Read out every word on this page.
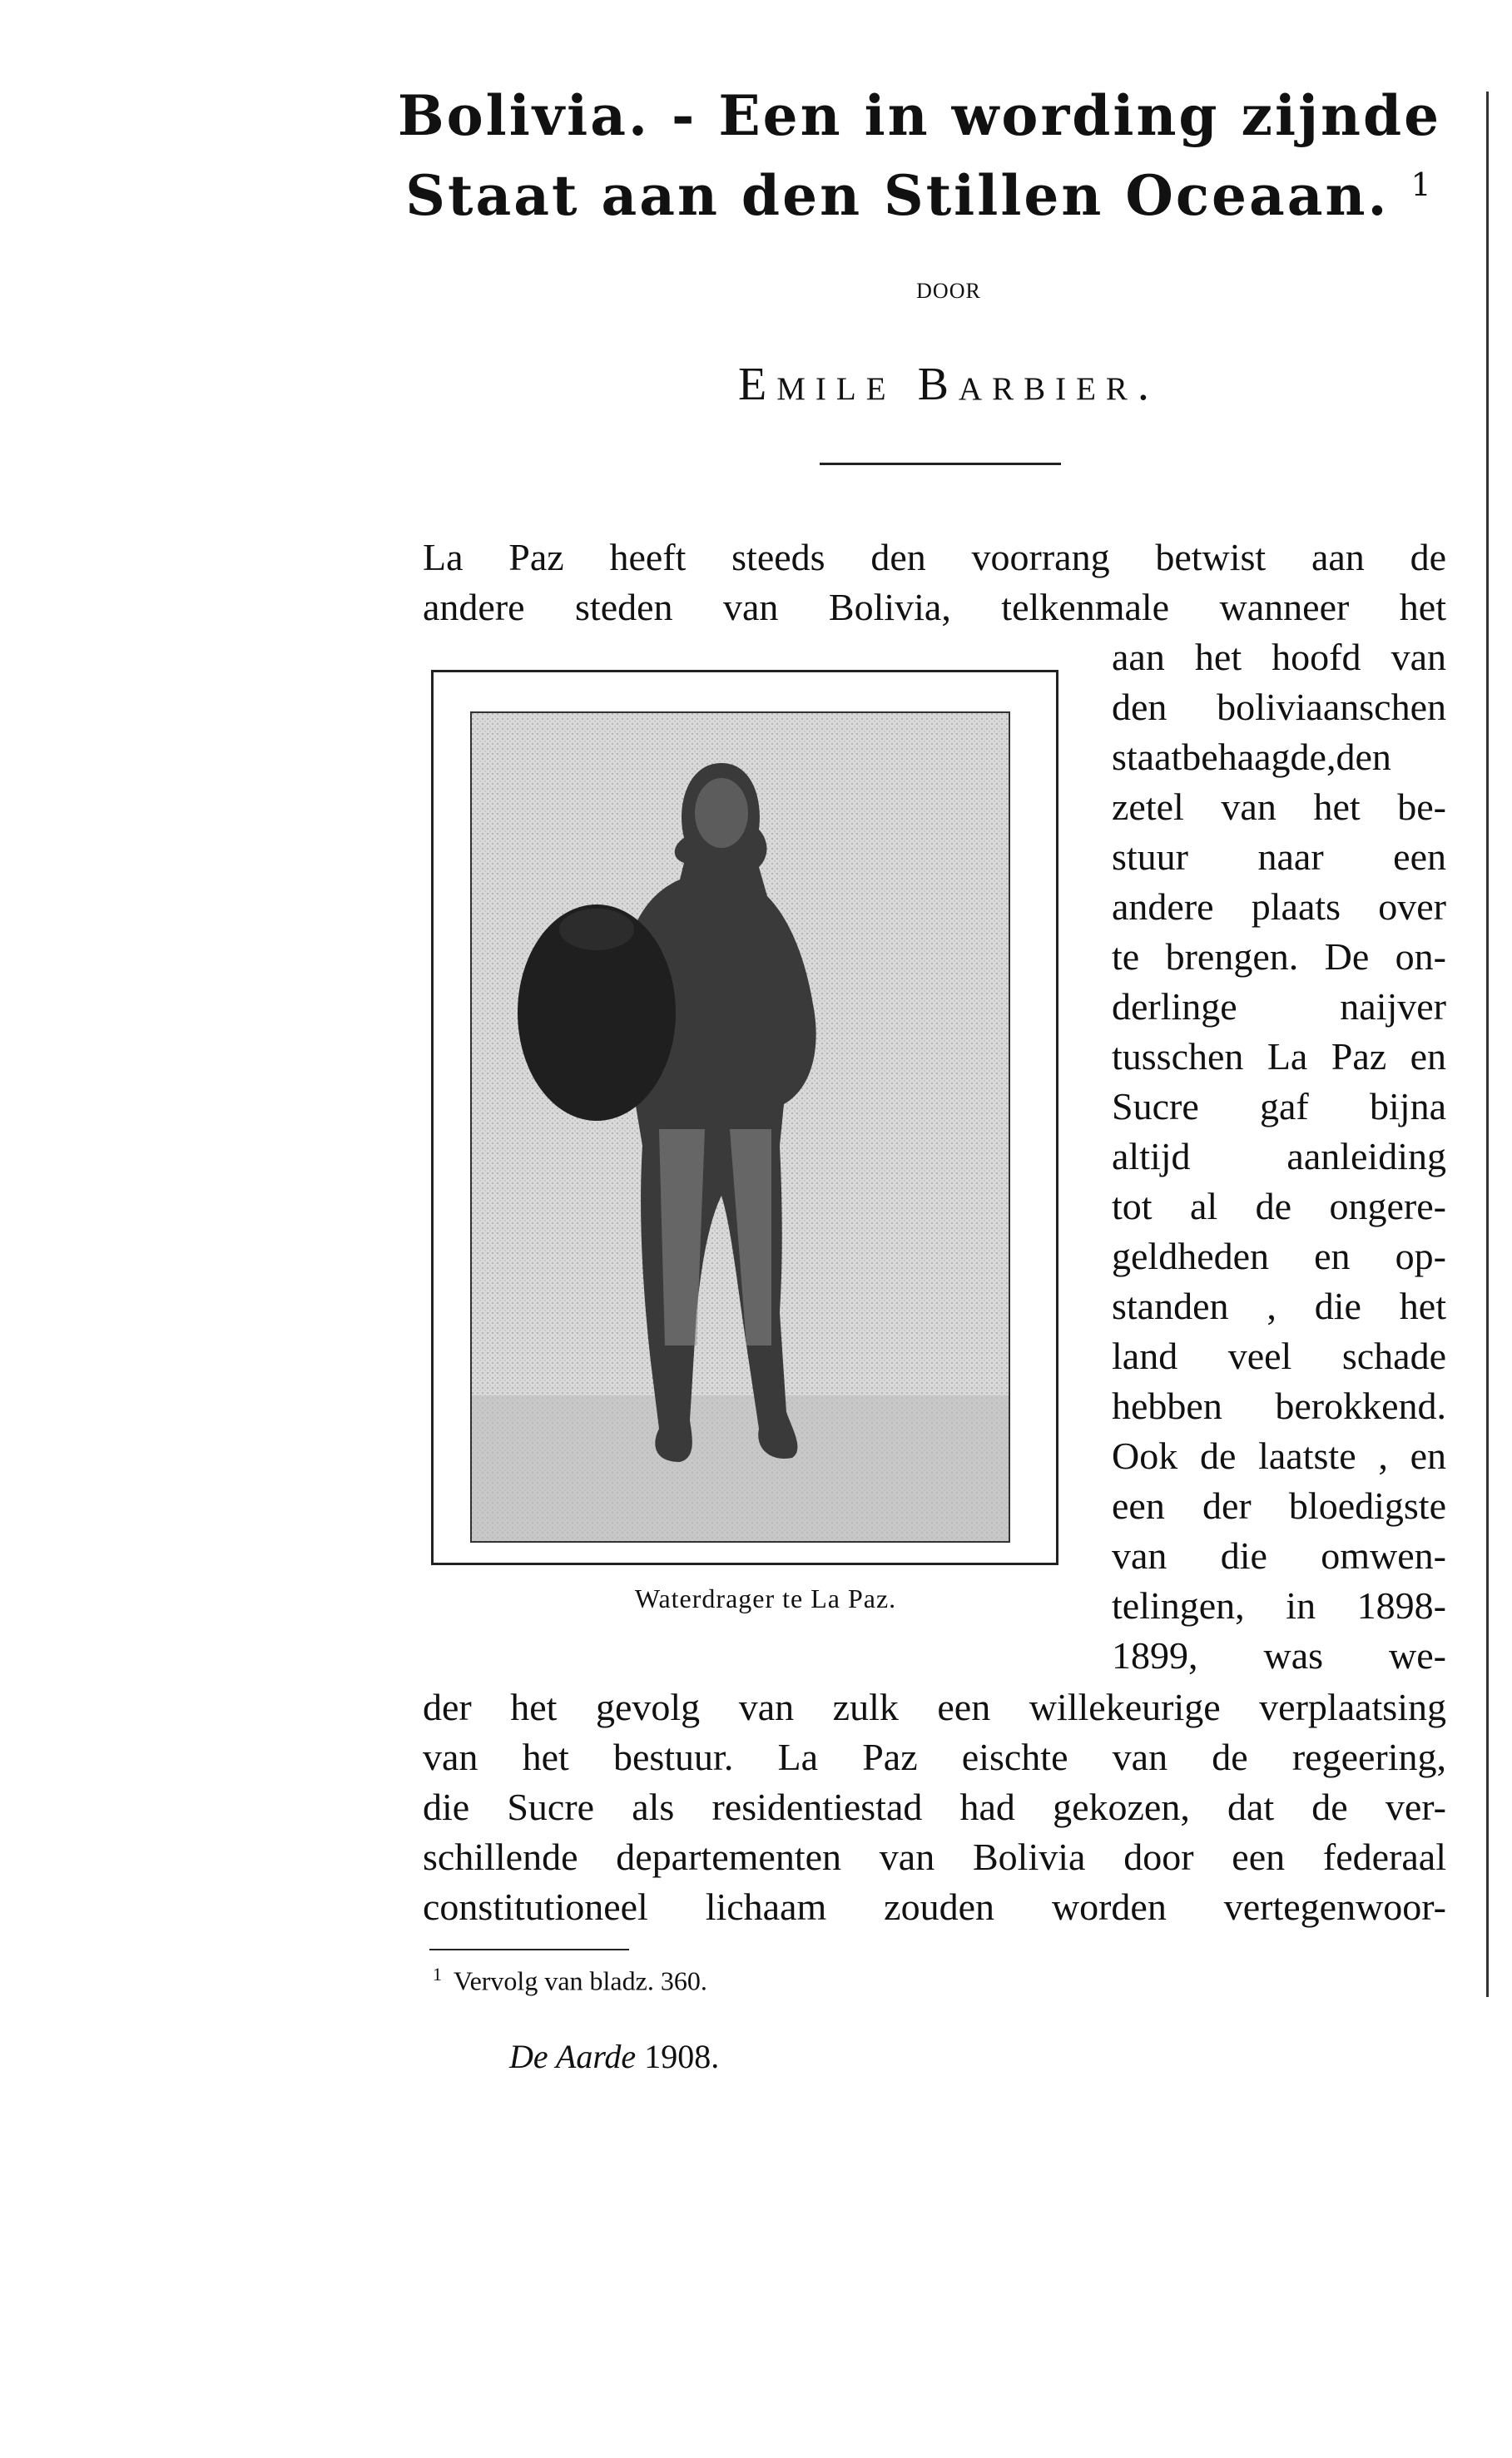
Bolivia. - Een in wording zijnde
Staat aan den Stillen Oceaan. $^1$
DOOR
Emile Barbier.
La Paz heeft steeds den voorrang betwist aan de
andere steden van Bolivia, telkenmale wanneer het
aan het hoofd van
den boliviaanschen
staatbehaagde,den
zetel van het be-
stuur naar een
andere plaats over
te brengen. De on-
derlinge naijver
tusschen La Paz en
Sucre gaf bijna
altijd aanleiding
tot al de ongere-
geldheden en op-
standen , die het
land veel schade
hebben berokkend.
Ook de laatste , en
een der bloedigste
van die omwen-
telingen, in 1898-
1899, was we-
Waterdrager te La Paz.
der het gevolg van zulk een willekeurige verplaatsing
van het bestuur. La Paz eischte van de regeering,
die Sucre als residentiestad had gekozen, dat de ver-
schillende departementen van Bolivia door een federaal
constitutioneel lichaam zouden worden vertegenwoor-
$^1$ Vervolg van bladz. 360.
De Aarde 1908.
